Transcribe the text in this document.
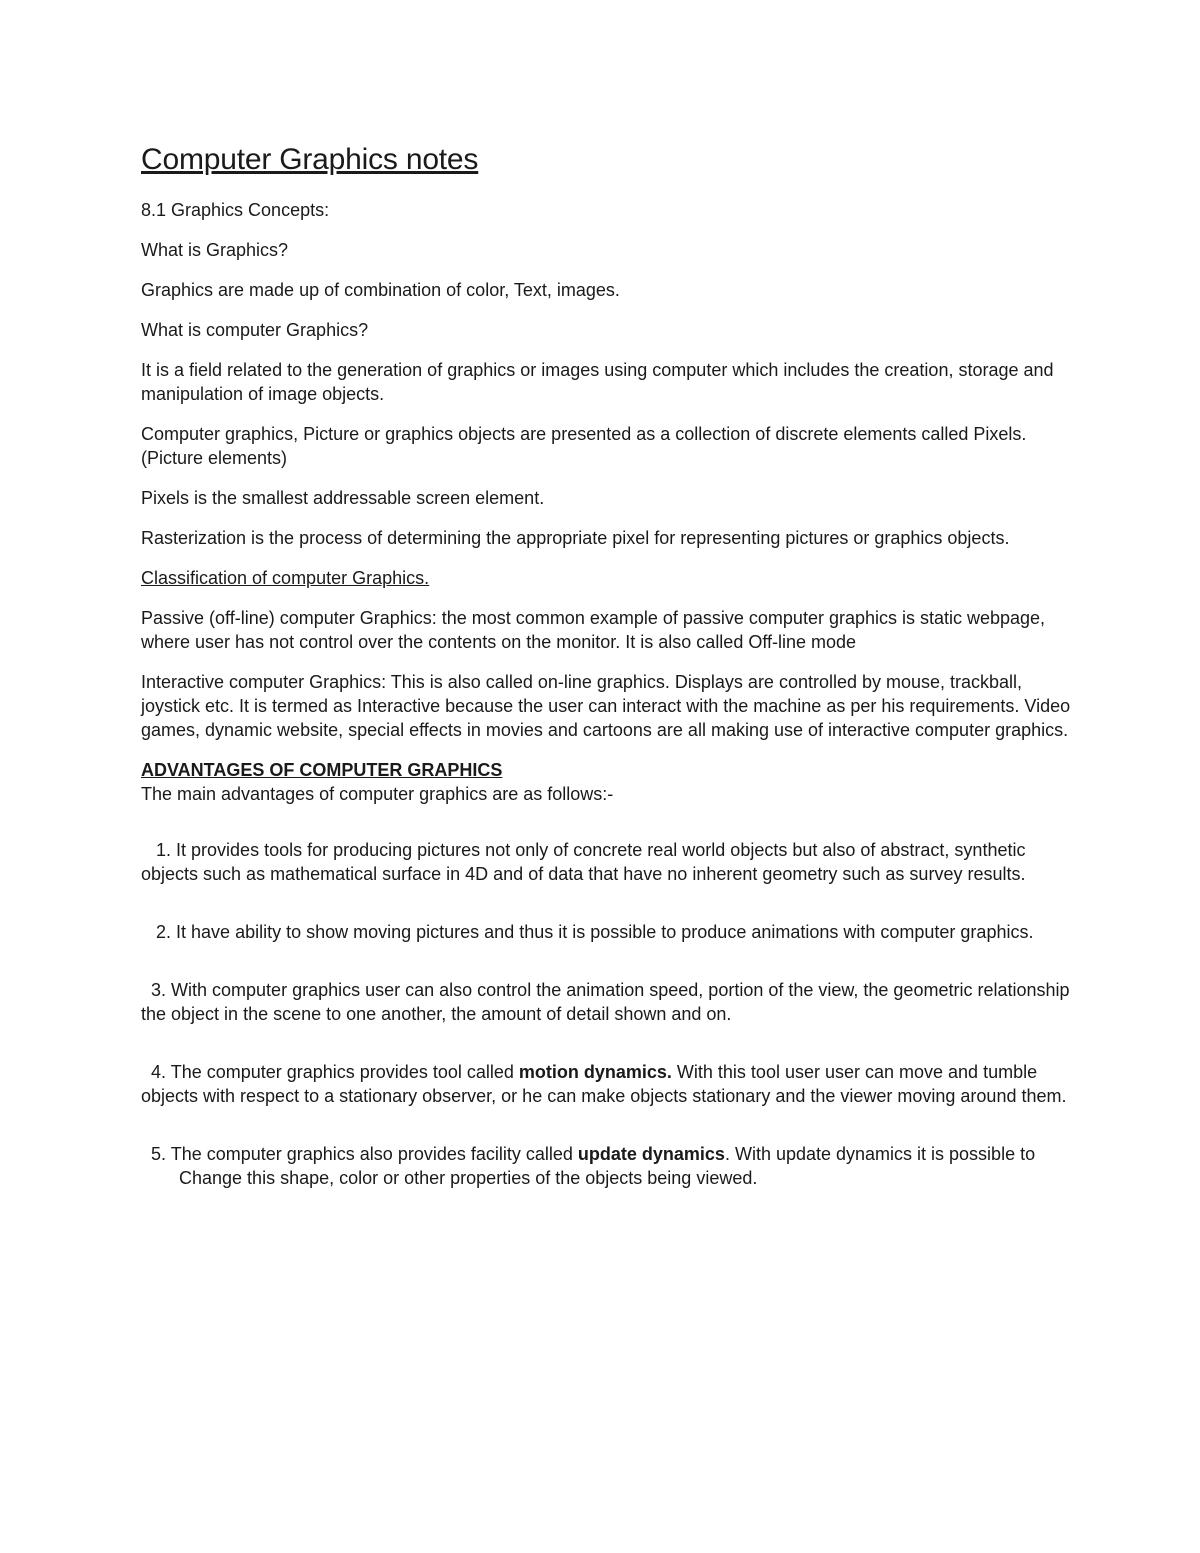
Computer Graphics notes

8.1 Graphics Concepts:

What is Graphics?

Graphics are made up of combination of color, Text, images.

What is computer Graphics?

It is a field related to the generation of graphics or images using computer which includes the creation, storage and manipulation of image objects.

Computer graphics, Picture or graphics objects are presented as a collection of discrete elements called Pixels. (Picture elements)

Pixels is the smallest addressable screen element.

Rasterization is the process of determining the appropriate pixel for representing pictures or graphics objects.

Classification of computer Graphics.

Passive (off-line) computer Graphics: the most common example of passive computer graphics is static webpage, where user has not control over the contents on the monitor. It is also called Off-line mode

Interactive computer Graphics: This is also called on-line graphics. Displays are controlled by mouse, trackball, joystick etc. It is termed as Interactive because the user can interact with the machine as per his requirements. Video games, dynamic website, special effects in movies and cartoons are all making use of interactive computer graphics.

ADVANTAGES OF COMPUTER GRAPHICS

The main advantages of computer graphics are as follows:-

1. It provides tools for producing pictures not only of concrete real world objects but also of abstract, synthetic objects such as mathematical surface in 4D and of data that have no inherent geometry such as survey results.

2. It have ability to show moving pictures and thus it is possible to produce animations with computer graphics.

3. With computer graphics user can also control the animation speed, portion of the view, the geometric relationship the object in the scene to one another, the amount of detail shown and on.

4. The computer graphics provides tool called motion dynamics. With this tool user user can move and tumble objects with respect to a stationary observer, or he can make objects stationary and the viewer moving around them.

5. The computer graphics also provides facility called update dynamics. With update dynamics it is possible to

Change this shape, color or other properties of the objects being viewed.
